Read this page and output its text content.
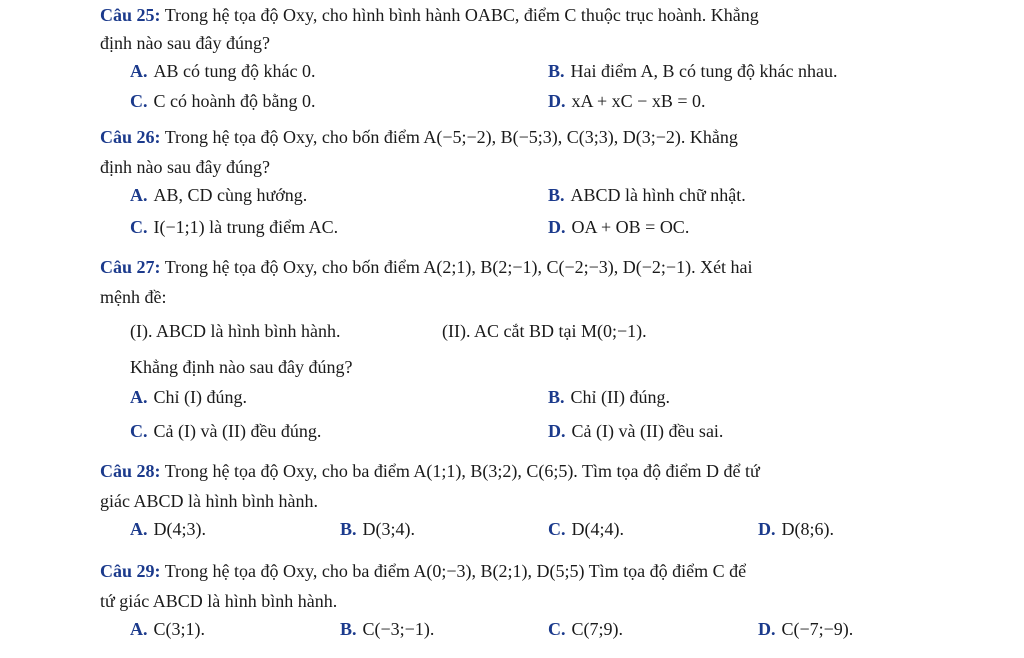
Câu 25: Trong hệ tọa độ Oxy, cho hình bình hành OABC, điểm C thuộc trục hoành. Khẳng
định nào sau đây đúng?
A. AB có tung độ khác 0.	B. Hai điểm A, B có tung độ khác nhau.
C. C có hoành độ bằng 0.	D. xA + xC − xB = 0.
Câu 26: Trong hệ tọa độ Oxy, cho bốn điểm A(−5;−2), B(−5;3), C(3;3), D(3;−2). Khẳng
định nào sau đây đúng?
A. AB, CD cùng hướng.	B. ABCD là hình chữ nhật.
C. I(−1;1) là trung điểm AC.	D. OA + OB = OC.
Câu 27: Trong hệ tọa độ Oxy, cho bốn điểm A(2;1), B(2;−1), C(−2;−3), D(−2;−1). Xét hai
mệnh đề:
(I). ABCD là hình bình hành.	(II). AC cắt BD tại M(0;−1).
Khẳng định nào sau đây đúng?
A. Chỉ (I) đúng.	B. Chỉ (II) đúng.
C. Cả (I) và (II) đều đúng.	D. Cả (I) và (II) đều sai.
Câu 28: Trong hệ tọa độ Oxy, cho ba điểm A(1;1), B(3;2), C(6;5). Tìm tọa độ điểm D để tứ
giác ABCD là hình bình hành.
A. D(4;3).	B. D(3;4).	C. D(4;4).	D. D(8;6).
Câu 29: Trong hệ tọa độ Oxy, cho ba điểm A(0;−3), B(2;1), D(5;5) Tìm tọa độ điểm C để
tứ giác ABCD là hình bình hành.
A. C(3;1).	B. C(−3;−1).	C. C(7;9).	D. C(−7;−9).
